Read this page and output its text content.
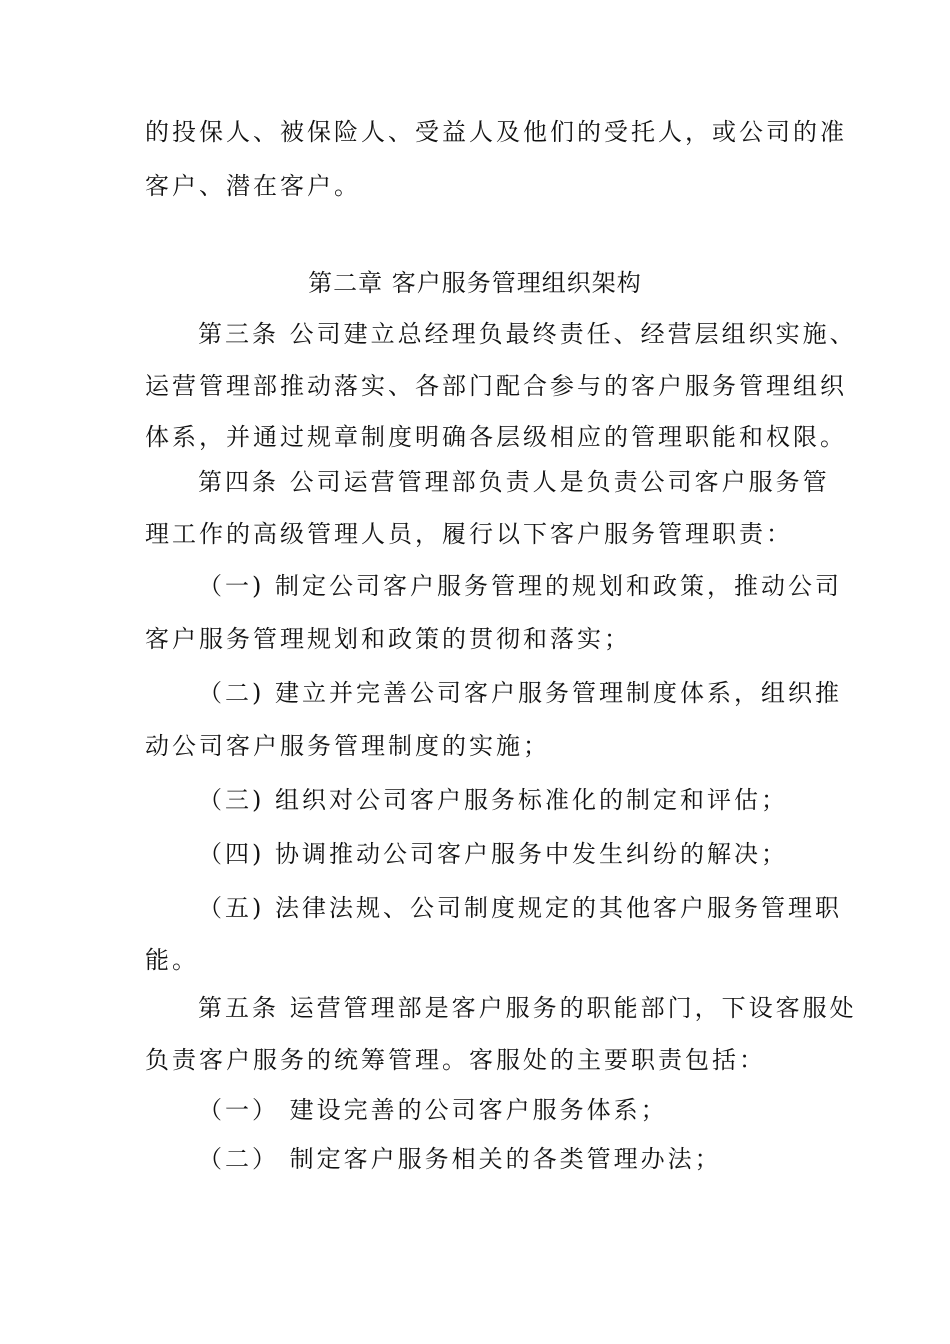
的投保人、被保险人、受益人及他们的受托人，或公司的准
客户、潜在客户。
第二章 客户服务管理组织架构
第三条 公司建立总经理负最终责任、经营层组织实施、
运营管理部推动落实、各部门配合参与的客户服务管理组织
体系，并通过规章制度明确各层级相应的管理职能和权限。
第四条 公司运营管理部负责人是负责公司客户服务管
理工作的高级管理人员，履行以下客户服务管理职责：
（一) 制定公司客户服务管理的规划和政策，推动公司
客户服务管理规划和政策的贯彻和落实；
（二) 建立并完善公司客户服务管理制度体系，组织推
动公司客户服务管理制度的实施；
（三) 组织对公司客户服务标准化的制定和评估；
（四) 协调推动公司客户服务中发生纠纷的解决；
（五) 法律法规、公司制度规定的其他客户服务管理职
能。
第五条 运营管理部是客户服务的职能部门，下设客服处
负责客户服务的统筹管理。客服处的主要职责包括：
（一） 建设完善的公司客户服务体系；
（二） 制定客户服务相关的各类管理办法；
